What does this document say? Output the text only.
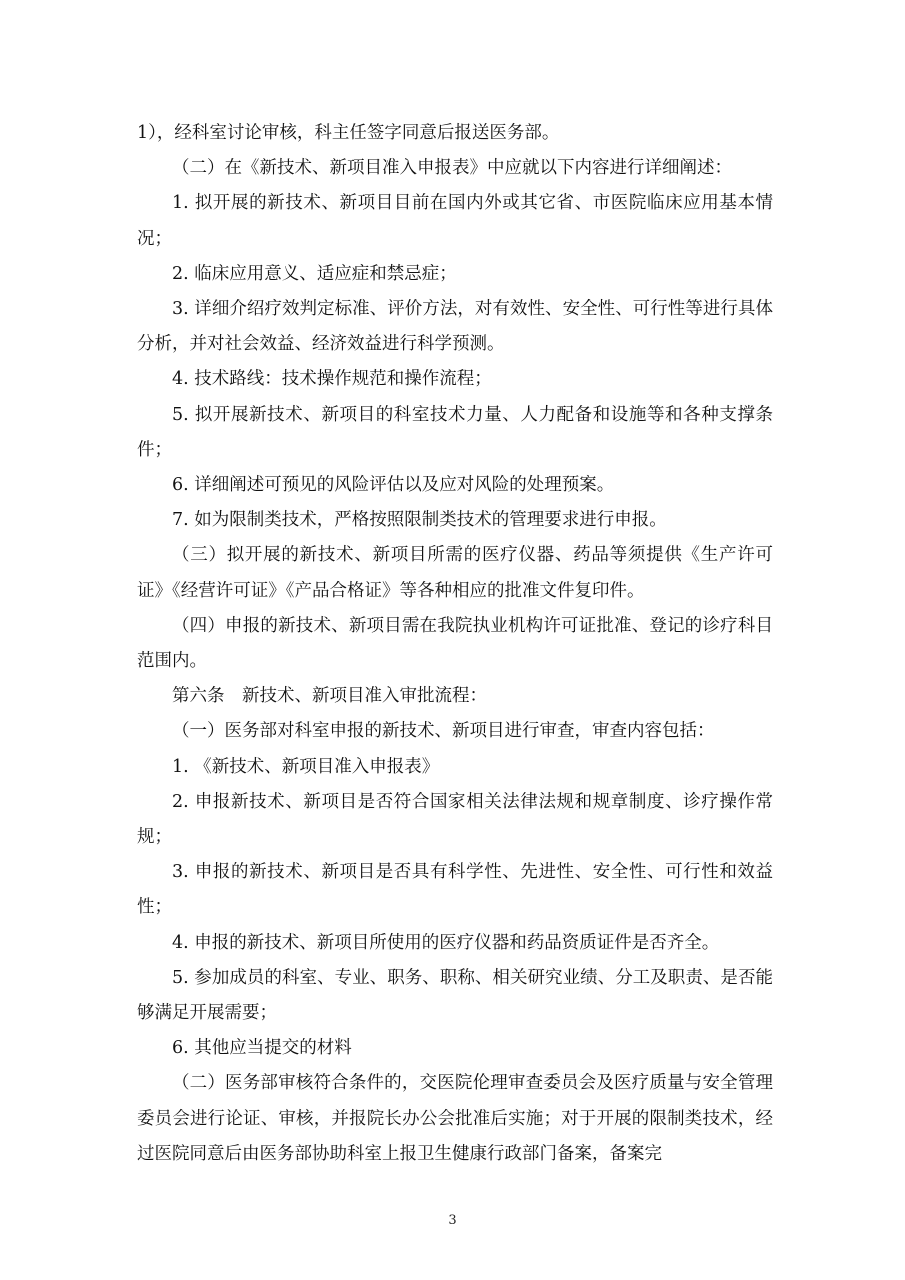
1），经科室讨论审核，科主任签字同意后报送医务部。

（二）在《新技术、新项目准入申报表》中应就以下内容进行详细阐述：

1. 拟开展的新技术、新项目目前在国内外或其它省、市医院临床应用基本情况；

2. 临床应用意义、适应症和禁忌症；

3. 详细介绍疗效判定标准、评价方法，对有效性、安全性、可行性等进行具体分析，并对社会效益、经济效益进行科学预测。

4. 技术路线：技术操作规范和操作流程；

5. 拟开展新技术、新项目的科室技术力量、人力配备和设施等和各种支撑条件；

6. 详细阐述可预见的风险评估以及应对风险的处理预案。

7. 如为限制类技术，严格按照限制类技术的管理要求进行申报。

（三）拟开展的新技术、新项目所需的医疗仪器、药品等须提供《生产许可证》《经营许可证》《产品合格证》等各种相应的批准文件复印件。

（四）申报的新技术、新项目需在我院执业机构许可证批准、登记的诊疗科目范围内。

第六条　新技术、新项目准入审批流程：

（一）医务部对科室申报的新技术、新项目进行审查，审查内容包括：

1. 《新技术、新项目准入申报表》

2. 申报新技术、新项目是否符合国家相关法律法规和规章制度、诊疗操作常规；

3. 申报的新技术、新项目是否具有科学性、先进性、安全性、可行性和效益性；

4. 申报的新技术、新项目所使用的医疗仪器和药品资质证件是否齐全。

5. 参加成员的科室、专业、职务、职称、相关研究业绩、分工及职责、是否能够满足开展需要；

6. 其他应当提交的材料

（二）医务部审核符合条件的，交医院伦理审查委员会及医疗质量与安全管理委员会进行论证、审核，并报院长办公会批准后实施；对于开展的限制类技术，经过医院同意后由医务部协助科室上报卫生健康行政部门备案，备案完

3
